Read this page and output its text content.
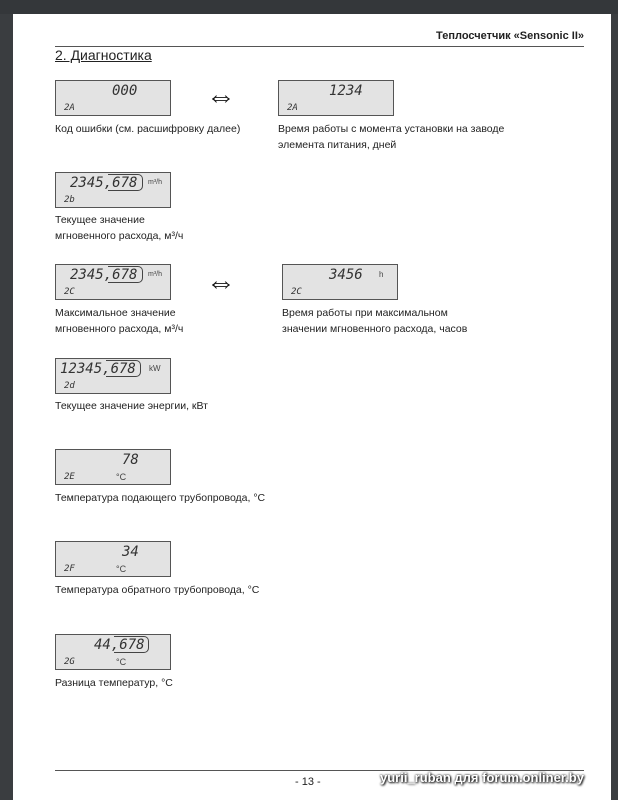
Теплосчетчик «Sensonic II»
2. Диагностика
000
2A
Код ошибки (см. расшифровку далее)
⇔	1234
2A
Время работы с момента установки на заводе
элемента питания, дней
2345,678 m³/h
2b
Текущее значение
мгновенного расхода, м³/ч
2345,678 m³/h
2C
Максимальное значение
мгновенного расхода, м³/ч
⇔	3456 h
2C
Время работы при максимальном
значении мгновенного расхода, часов
12345,678 kW
2d
Текущее значение энергии, кВт
78
°C
2E
Температура подающего трубопровода, °C
34
°C
2F
Температура обратного трубопровода, °C
44,678
°C
2G
Разница температур, °C
- 13 -	yurii_ruban для forum.onliner.by
